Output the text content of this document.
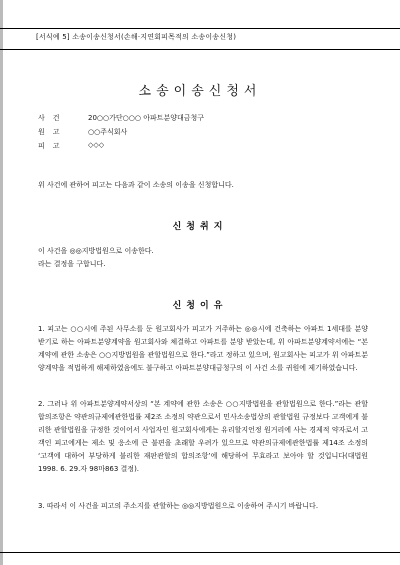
[서식예 5] 소송이송신청서(손해·지연회피목적의 소송이송신청)
소송이송신청서
사건	20○○가단○○○ 아파트분양대금청구
원고	○○주식회사
피고	◇◇◇
위 사건에 관하여 피고는 다음과 같이 소송의 이송을 신청합니다.
신청취지
이 사건을 ◎◎지방법원으로 이송한다.
라는 결정을 구합니다.
신청이유
1. 피고는 ○○시에 주된 사무소를 둔 원고회사가 피고가 거주하는 ◎◎시에 건축하는 아파트 1세대를 분양 받기로 하는 아파트분양계약을 원고회사와 체결하고 아파트를 분양 받았는데, 위 아파트분양계약서에는 “본 계약에 관한 소송은 ○○지방법원을 관할법원으로 한다.”라고 정하고 있으며, 원고회사는 피고가 위 아파트분양계약을 적법하게 해제하였음에도 불구하고 아파트분양대금청구의 이 사건 소를 귀원에 제기하였습니다.
2. 그러나 위 아파트분양계약서상의 “본 계약에 관한 소송은 ○○지방법원을 관할법원으로 한다.”라는 관할합의조항은 약관의규제에관한법률 제2조 소정의 약관으로서 민사소송법상의 관할법원 규정보다 고객에게 불리한 관할법원을 규정한 것이어서 사업자인 원고회사에게는 유리할지언정 원거리에 사는 경제적 약자로서 고객인 피고에게는 제소 및 응소에 큰 불편을 초래할 우려가 있으므로 약관의규제에관한법률 제14조 소정의 ‘고객에 대하여 부당하게 불리한 재판관할의 합의조항’에 해당하여 무효라고 보아야 할 것입니다(대법원 1998. 6. 29.자 98마863 결정).
3. 따라서 이 사건을 피고의 주소지를 관할하는 ◎◎지방법원으로 이송하여 주시기 바랍니다.
